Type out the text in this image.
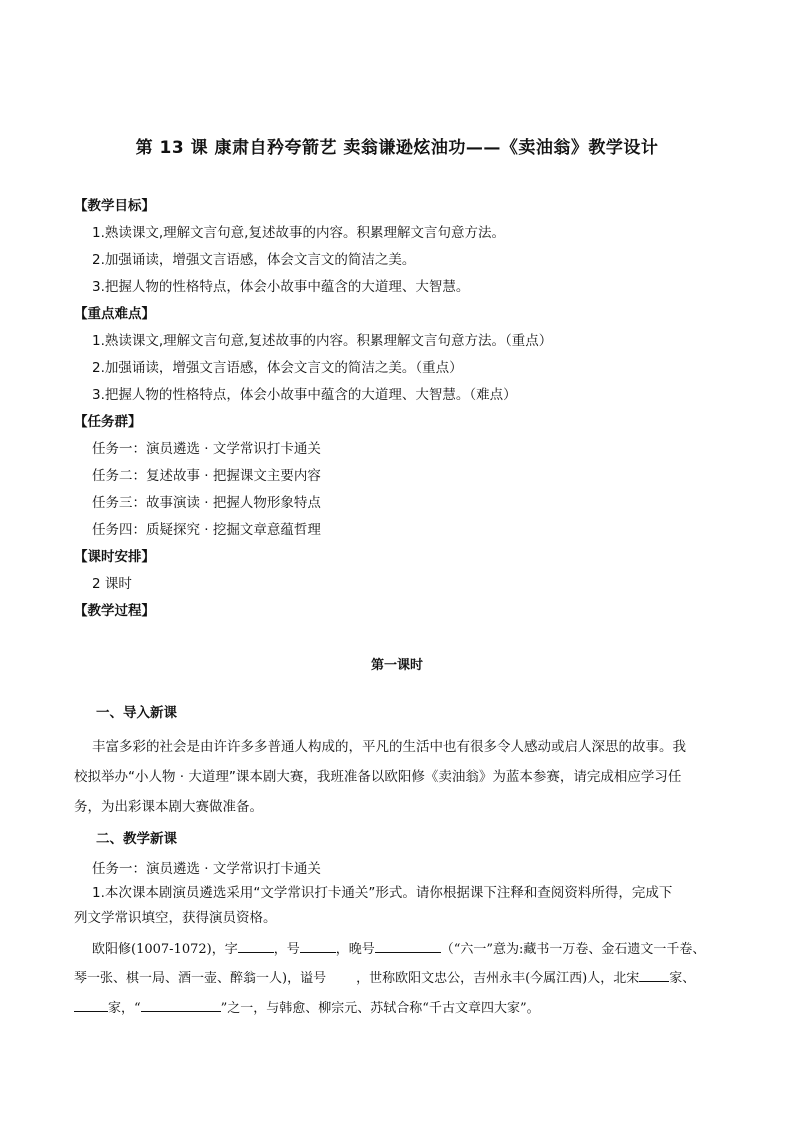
第 13 课 康肃自矜夸箭艺 卖翁谦逊炫油功——《卖油翁》教学设计
【教学目标】
1.熟读课文,理解文言句意,复述故事的内容。积累理解文言句意方法。
2.加强诵读，增强文言语感，体会文言文的简洁之美。
3.把握人物的性格特点，体会小故事中蕴含的大道理、大智慧。
【重点难点】
1.熟读课文,理解文言句意,复述故事的内容。积累理解文言句意方法。（重点）
2.加强诵读，增强文言语感，体会文言文的简洁之美。（重点）
3.把握人物的性格特点，体会小故事中蕴含的大道理、大智慧。（难点）
【任务群】
任务一：演员遴选 · 文学常识打卡通关
任务二：复述故事 · 把握课文主要内容
任务三：故事演读 · 把握人物形象特点
任务四：质疑探究 · 挖掘文章意蕴哲理
【课时安排】
2 课时
【教学过程】
第一课时
一、导入新课
丰富多彩的社会是由许许多多普通人构成的，平凡的生活中也有很多令人感动或启人深思的故事。我
校拟举办“小人物 · 大道理”课本剧大赛，我班准备以欧阳修《卖油翁》为蓝本参赛，请完成相应学习任
务，为出彩课本剧大赛做准备。
二、教学新课
任务一：演员遴选 · 文学常识打卡通关
1.本次课本剧演员遴选采用“文学常识打卡通关”形式。请你根据课下注释和查阅资料所得，完成下
列文学常识填空，获得演员资格。
欧阳修(1007-1072)，字	，号	，晚号	（“六一”意为:藏书一万卷、金石遗文一千卷、
琴一张、棋一局、酒一壶、醉翁一人)，谥号 ，世称欧阳文忠公，吉州永丰(今属江西)人，北宋 家、
家，“	”之一，与韩愈、柳宗元、苏轼合称“千古文章四大家”。
